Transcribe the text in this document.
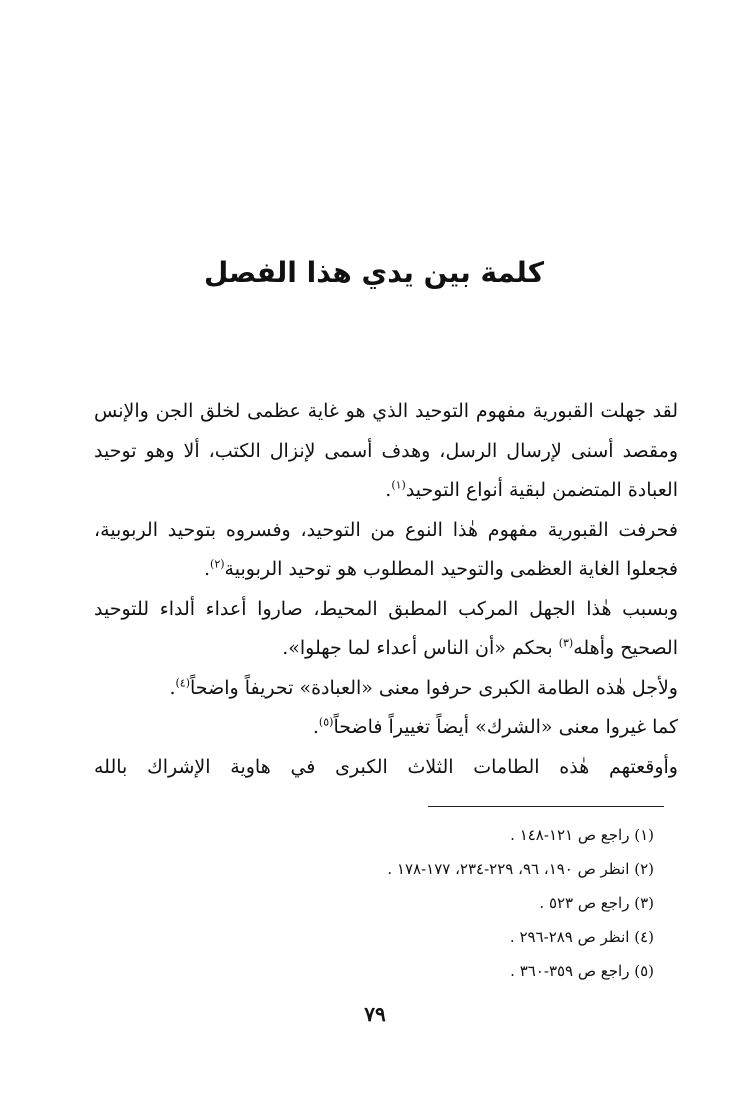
كلمة بين يدي هذا الفصل

لقد جهلت القبورية مفهوم التوحيد الذي هو غاية عظمى لخلق الجن والإنس ومقصد أسنى لإرسال الرسل، وهدف أسمى لإنزال الكتب، ألا وهو توحيد العبادة المتضمن لبقية أنواع التوحيد$^{(١)}$.

فحرفت القبورية مفهوم هٰذا النوع من التوحيد، وفسروه بتوحيد الربوبية، فجعلوا الغاية العظمى والتوحيد المطلوب هو توحيد الربوبية$^{(٢)}$.

وبسبب هٰذا الجهل المركب المطبق المحيط، صاروا أعداء ألداء للتوحيد الصحيح وأهله$^{(٣)}$ بحكم «أن الناس أعداء لما جهلوا».

ولأجل هٰذه الطامة الكبرى حرفوا معنى «العبادة» تحريفاً واضحاً$^{(٤)}$.

كما غيروا معنى «الشرك» أيضاً تغييراً فاضحاً$^{(٥)}$.

وأوقعتهم هٰذه الطامات الثلاث الكبرى في هاوية الإشراك بالله

(١) راجع ص ١٢١-١٤٨ .

(٢) انظر ص ١٩٠، ٩٦، ٢٢٩-٢٣٤، ١٧٧-١٧٨ .

(٣) راجع ص ٥٢٣ .

(٤) انظر ص ٢٨٩-٢٩٦ .

(٥) راجع ص ٣٥٩-٣٦٠ .

٧٩
